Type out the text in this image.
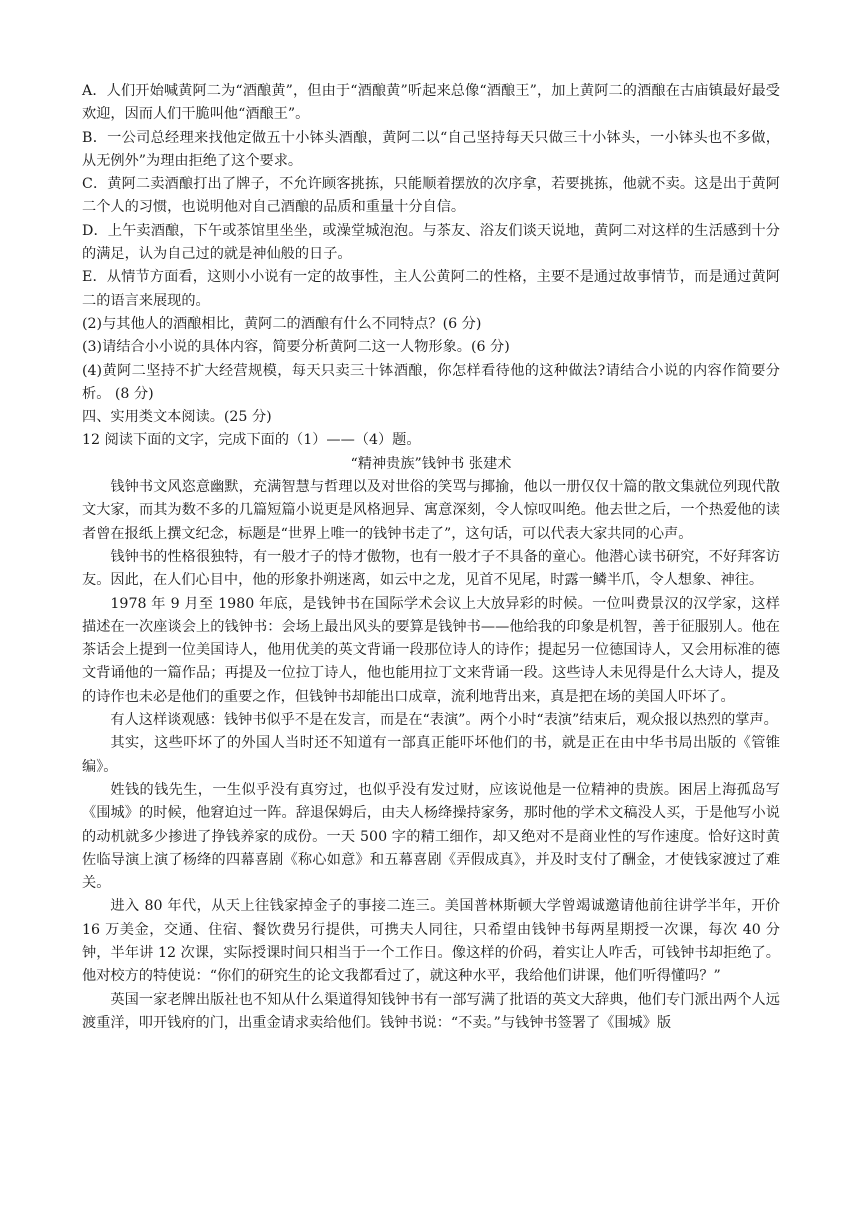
A．人们开始喊黄阿二为“酒酿黄”，但由于“酒酿黄”听起来总像“酒酿王”，加上黄阿二的酒酿在古庙镇最好最受欢迎，因而人们干脆叫他“酒酿王”。
B．一公司总经理来找他定做五十小钵头酒酿，黄阿二以“自己坚持每天只做三十小钵头，一小钵头也不多做，从无例外”为理由拒绝了这个要求。
C．黄阿二卖酒酿打出了牌子，不允许顾客挑拣，只能顺着摆放的次序拿，若要挑拣，他就不卖。这是出于黄阿二个人的习惯，也说明他对自己酒酿的品质和重量十分自信。
D．上午卖酒酿，下午或茶馆里坐坐，或澡堂城泡泡。与茶友、浴友们谈天说地，黄阿二对这样的生活感到十分的满足，认为自己过的就是神仙般的日子。
E．从情节方面看，这则小小说有一定的故事性，主人公黄阿二的性格，主要不是通过故事情节，而是通过黄阿二的语言来展现的。
(2)与其他人的酒酿相比，黄阿二的酒酿有什么不同特点？(6 分)
(3)请结合小小说的具体内容，简要分析黄阿二这一人物形象。(6 分)
(4)黄阿二坚持不扩大经营规模，每天只卖三十钵酒酿，你怎样看待他的这种做法?请结合小说的内容作简要分析。 (8 分)
四、实用类文本阅读。(25 分)
12 阅读下面的文字，完成下面的（1）——（4）题。
“精神贵族”钱钟书 张建术
钱钟书文风恣意幽默，充满智慧与哲理以及对世俗的笑骂与揶揄，他以一册仅仅十篇的散文集就位列现代散文大家，而其为数不多的几篇短篇小说更是风格迥异、寓意深刻，令人惊叹叫绝。他去世之后，一个热爱他的读者曾在报纸上撰文纪念，标题是“世界上唯一的钱钟书走了”，这句话，可以代表大家共同的心声。
钱钟书的性格很独特，有一般才子的恃才傲物，也有一般才子不具备的童心。他潜心读书研究，不好拜客访友。因此，在人们心目中，他的形象扑朔迷离，如云中之龙，见首不见尾，时露一鳞半爪，令人想象、神往。
1978 年 9 月至 1980 年底，是钱钟书在国际学术会议上大放异彩的时候。一位叫费景汉的汉学家，这样描述在一次座谈会上的钱钟书：会场上最出风头的要算是钱钟书——他给我的印象是机智，善于征服别人。他在茶话会上提到一位美国诗人，他用优美的英文背诵一段那位诗人的诗作；提起另一位德国诗人，又会用标准的德文背诵他的一篇作品；再提及一位拉丁诗人，他也能用拉丁文来背诵一段。这些诗人未见得是什么大诗人，提及的诗作也未必是他们的重要之作，但钱钟书却能出口成章，流利地背出来，真是把在场的美国人吓坏了。
有人这样谈观感：钱钟书似乎不是在发言，而是在“表演”。两个小时“表演”结束后，观众报以热烈的掌声。
其实，这些吓坏了的外国人当时还不知道有一部真正能吓坏他们的书，就是正在由中华书局出版的《管锥编》。
姓钱的钱先生，一生似乎没有真穷过，也似乎没有发过财，应该说他是一位精神的贵族。困居上海孤岛写《围城》的时候，他窘迫过一阵。辞退保姆后，由夫人杨绛操持家务，那时他的学术文稿没人买，于是他写小说的动机就多少掺进了挣钱养家的成份。一天 500 字的精工细作，却又绝对不是商业性的写作速度。恰好这时黄佐临导演上演了杨绛的四幕喜剧《称心如意》和五幕喜剧《弄假成真》，并及时支付了酬金，才使钱家渡过了难关。
进入 80 年代，从天上往钱家掉金子的事接二连三。美国普林斯顿大学曾竭诚邀请他前往讲学半年，开价 16 万美金，交通、住宿、餐饮费另行提供，可携夫人同往，只希望由钱钟书每两星期授一次课，每次 40 分钟，半年讲 12 次课，实际授课时间只相当于一个工作日。像这样的价码，着实让人咋舌，可钱钟书却拒绝了。他对校方的特使说：“你们的研究生的论文我都看过了，就这种水平，我给他们讲课，他们听得懂吗？”
英国一家老牌出版社也不知从什么渠道得知钱钟书有一部写满了批语的英文大辞典，他们专门派出两个人远渡重洋，叩开钱府的门，出重金请求卖给他们。钱钟书说：“不卖。”与钱钟书签署了《围城》版
